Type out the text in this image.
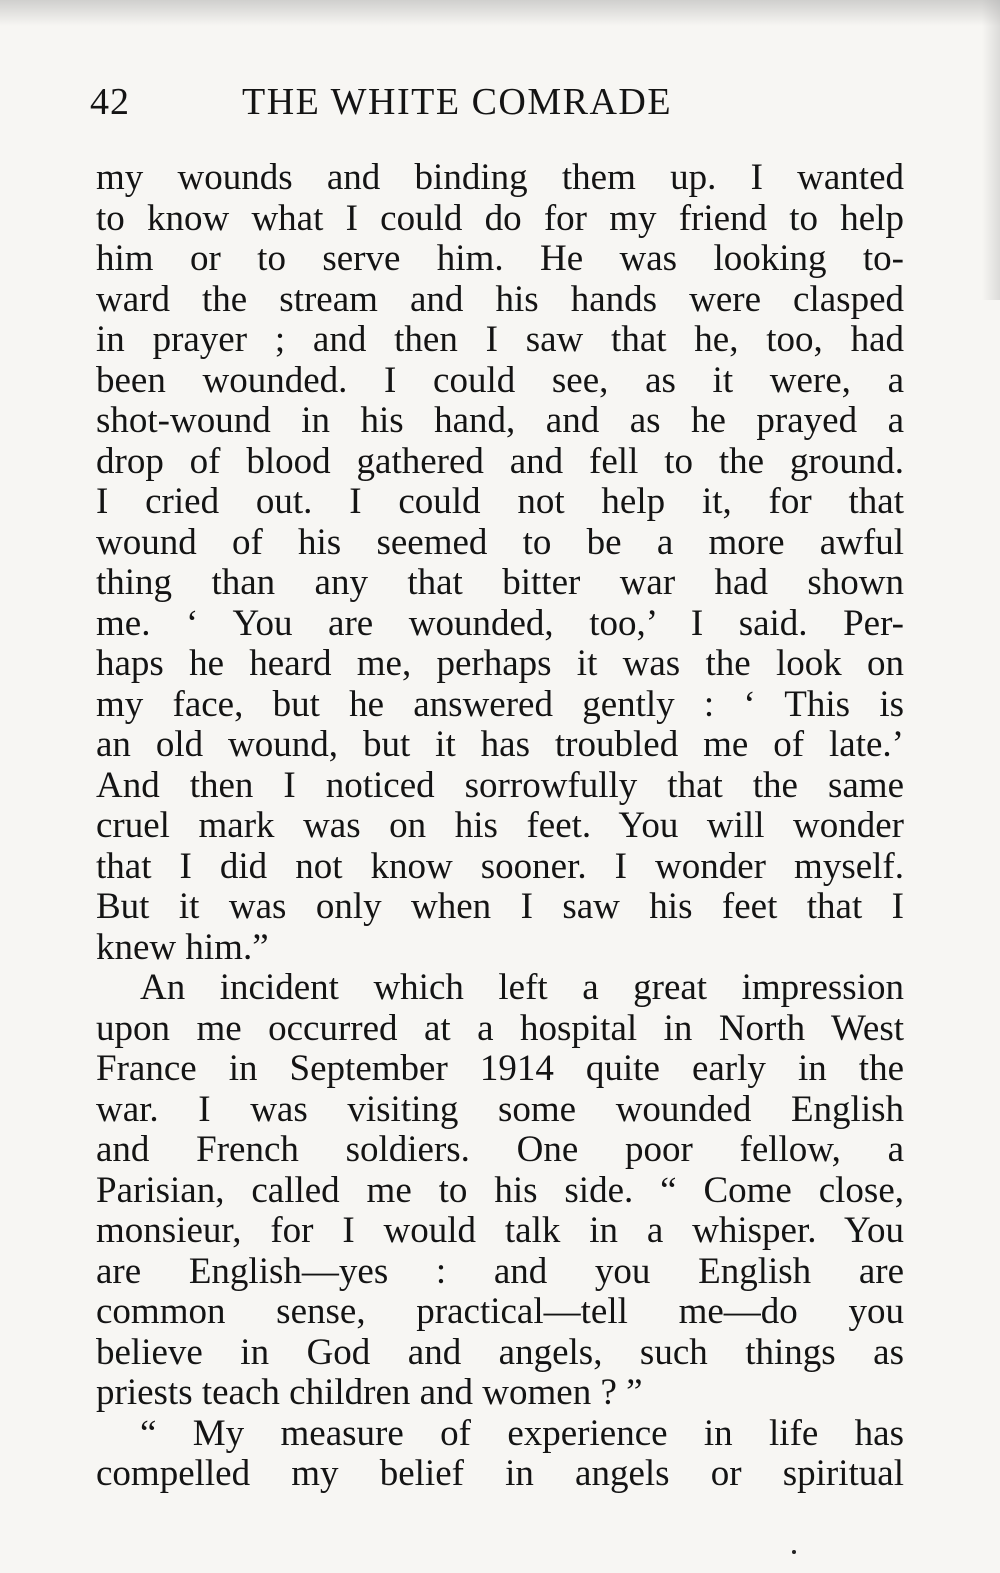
42	THE WHITE COMRADE
my wounds and binding them up. I wanted
to know what I could do for my friend to help
him or to serve him. He was looking to-
ward the stream and his hands were clasped
in prayer ; and then I saw that he, too, had
been wounded. I could see, as it were, a
shot-wound in his hand, and as he prayed a
drop of blood gathered and fell to the ground.
I cried out. I could not help it, for that
wound of his seemed to be a more awful
thing than any that bitter war had shown
me. ‘ You are wounded, too,’ I said. Per-
haps he heard me, perhaps it was the look on
my face, but he answered gently : ‘ This is
an old wound, but it has troubled me of late.’
And then I noticed sorrowfully that the same
cruel mark was on his feet. You will wonder
that I did not know sooner. I wonder myself.
But it was only when I saw his feet that I
knew him.”
An incident which left a great impression
upon me occurred at a hospital in North West
France in September 1914 quite early in the
war. I was visiting some wounded English
and French soldiers. One poor fellow, a
Parisian, called me to his side. “ Come close,
monsieur, for I would talk in a whisper. You
are English—yes : and you English are
common sense, practical—tell me—do you
believe in God and angels, such things as
priests teach children and women ? ”
“ My measure of experience in life has
compelled my belief in angels or spiritual
